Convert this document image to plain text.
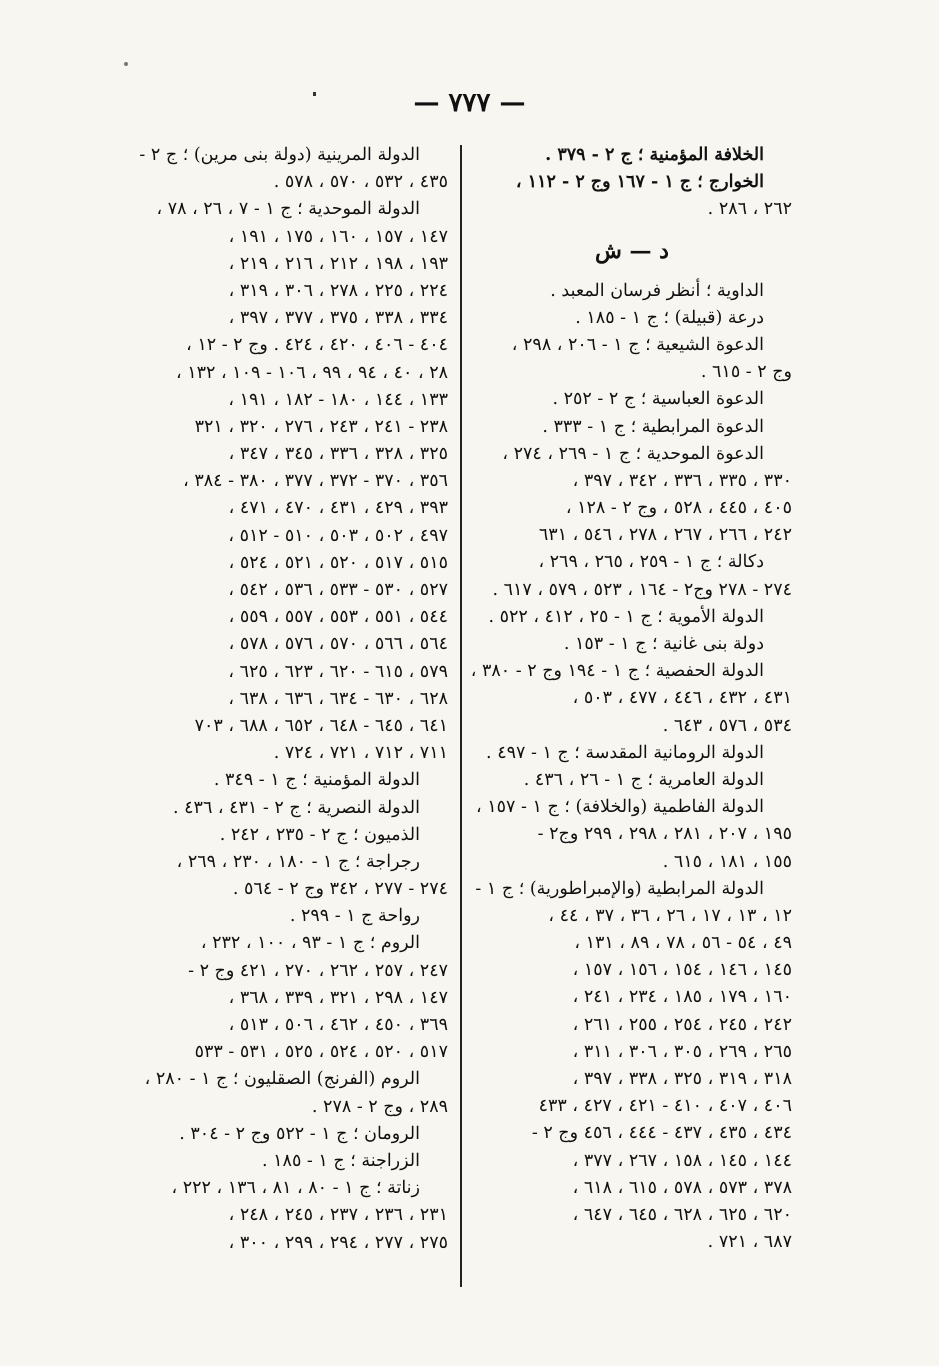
— ٧٧٧ —
الخلافة المؤمنية ؛ ج ٢ - ٣٧٩ .
الخوارج ؛ ج ١ - ١٦٧ وج ٢ - ١١٢ ،
٢٦٢ ، ٢٨٦ .
د — ش
الداوية ؛ أنظر فرسان المعبد .
درعة (قبيلة) ؛ ج ١ - ١٨٥ .
الدعوة الشيعية ؛ ج ١ - ٢٠٦ ، ٢٩٨ ،
وج ٢ - ٦١٥ .
الدعوة العباسية ؛ ج ٢ - ٢٥٢ .
الدعوة المرابطية ؛ ج ١ - ٣٣٣ .
الدعوة الموحدية ؛ ج ١ - ٢٦٩ ، ٢٧٤ ،
٣٣٠ ، ٣٣٥ ، ٣٣٦ ، ٣٤٢ ، ٣٩٧ ،
٤٠٥ ، ٤٤٥ ، ٥٢٨ ، وج ٢ - ١٢٨ ،
٢٤٢ ، ٢٦٦ ، ٢٦٧ ، ٢٧٨ ، ٥٤٦ ، ٦٣١
دكالة ؛ ج ١ - ٢٥٩ ، ٢٦٥ ، ٢٦٩ ،
٢٧٤ - ٢٧٨ وج٢ - ١٦٤ ، ٥٢٣ ، ٥٧٩ ، ٦١٧ .
الدولة الأموية ؛ ج ١ - ٢٥ ، ٤١٢ ، ٥٢٢ .
دولة بنى غانية ؛ ج ١ - ١٥٣ .
الدولة الحفصية ؛ ج ١ - ١٩٤ وج ٢ - ٣٨٠ ،
٤٣١ ، ٤٣٢ ، ٤٤٦ ، ٤٧٧ ، ٥٠٣ ،
٥٣٤ ، ٥٧٦ ، ٦٤٣ .
الدولة الرومانية المقدسة ؛ ج ١ - ٤٩٧ .
الدولة العامرية ؛ ج ١ - ٢٦ ، ٤٣٦ .
الدولة الفاطمية (والخلافة) ؛ ج ١ - ١٥٧ ،
١٩٥ ، ٢٠٧ ، ٢٨١ ، ٢٩٨ ، ٢٩٩ وج٢ -
١٥٥ ، ١٨١ ، ٦١٥ .
الدولة المرابطية (والإمبراطورية) ؛ ج ١ -
١٢ ، ١٣ ، ١٧ ، ٢٦ ، ٣٦ ، ٣٧ ، ٤٤ ،
٤٩ ، ٥٤ - ٥٦ ، ٧٨ ، ٨٩ ، ١٣١ ،
١٤٥ ، ١٤٦ ، ١٥٤ ، ١٥٦ ، ١٥٧ ،
١٦٠ ، ١٧٩ ، ١٨٥ ، ٢٣٤ ، ٢٤١ ،
٢٤٢ ، ٢٤٥ ، ٢٥٤ ، ٢٥٥ ، ٢٦١ ،
٢٦٥ ، ٢٦٩ ، ٣٠٥ ، ٣٠٦ ، ٣١١ ،
٣١٨ ، ٣١٩ ، ٣٢٥ ، ٣٣٨ ، ٣٩٧ ،
٤٠٦ ، ٤٠٧ ، ٤١٠ - ٤٢١ ، ٤٢٧ ، ٤٣٣
٤٣٤ ، ٤٣٥ ، ٤٣٧ - ٤٤٤ ، ٤٥٦ وج ٢ -
١٤٤ ، ١٤٥ ، ١٥٨ ، ٢٦٧ ، ٣٧٧ ،
٣٧٨ ، ٥٧٣ ، ٥٧٨ ، ٦١٥ ، ٦١٨ ،
٦٢٠ ، ٦٢٥ ، ٦٢٨ ، ٦٤٥ ، ٦٤٧ ،
٦٨٧ ، ٧٢١ .
الدولة المرينية (دولة بنى مرين) ؛ ج ٢ -
٤٣٥ ، ٥٣٢ ، ٥٧٠ ، ٥٧٨ .
الدولة الموحدية ؛ ج ١ - ٧ ، ٢٦ ، ٧٨ ،
١٤٧ ، ١٥٧ ، ١٦٠ ، ١٧٥ ، ١٩١ ،
١٩٣ ، ١٩٨ ، ٢١٢ ، ٢١٦ ، ٢١٩ ،
٢٢٤ ، ٢٢٥ ، ٢٧٨ ، ٣٠٦ ، ٣١٩ ،
٣٣٤ ، ٣٣٨ ، ٣٧٥ ، ٣٧٧ ، ٣٩٧ ،
٤٠٤ - ٤٠٦ ، ٤٢٠ ، ٤٢٤ . وج ٢ - ١٢ ،
٢٨ ، ٤٠ ، ٩٤ ، ٩٩ ، ١٠٦ - ١٠٩ ، ١٣٢ ،
١٣٣ ، ١٤٤ ، ١٨٠ - ١٨٢ ، ١٩١ ،
٢٣٨ - ٢٤١ ، ٢٤٣ ، ٢٧٦ ، ٣٢٠ ، ٣٢١
٣٢٥ ، ٣٢٨ ، ٣٣٦ ، ٣٤٥ ، ٣٤٧ ،
٣٥٦ ، ٣٧٠ - ٣٧٢ ، ٣٧٧ ، ٣٨٠ - ٣٨٤ ،
٣٩٣ ، ٤٢٩ ، ٤٣١ ، ٤٧٠ ، ٤٧١ ،
٤٩٧ ، ٥٠٢ ، ٥٠٣ ، ٥١٠ - ٥١٢ ،
٥١٥ ، ٥١٧ ، ٥٢٠ ، ٥٢١ ، ٥٢٤ ،
٥٢٧ ، ٥٣٠ - ٥٣٣ ، ٥٣٦ ، ٥٤٢ ،
٥٤٤ ، ٥٥١ ، ٥٥٣ ، ٥٥٧ ، ٥٥٩ ،
٥٦٤ ، ٥٦٦ ، ٥٧٠ ، ٥٧٦ ، ٥٧٨ ،
٥٧٩ ، ٦١٥ - ٦٢٠ ، ٦٢٣ ، ٦٢٥ ،
٦٢٨ ، ٦٣٠ - ٦٣٤ ، ٦٣٦ ، ٦٣٨ ،
٦٤١ ، ٦٤٥ - ٦٤٨ ، ٦٥٢ ، ٦٨٨ ، ٧٠٣
٧١١ ، ٧١٢ ، ٧٢١ ، ٧٢٤ .
الدولة المؤمنية ؛ ج ١ - ٣٤٩ .
الدولة النصرية ؛ ج ٢ - ٤٣١ ، ٤٣٦ .
الذميون ؛ ج ٢ - ٢٣٥ ، ٢٤٢ .
رجراجة ؛ ج ١ - ١٨٠ ، ٢٣٠ ، ٢٦٩ ،
٢٧٤ - ٢٧٧ ، ٣٤٢ وج ٢ - ٥٦٤ .
رواحة ج ١ - ٢٩٩ .
الروم ؛ ج ١ - ٩٣ ، ١٠٠ ، ٢٣٢ ،
٢٤٧ ، ٢٥٧ ، ٢٦٢ ، ٢٧٠ ، ٤٢١ وج ٢ -
١٤٧ ، ٢٩٨ ، ٣٢١ ، ٣٣٩ ، ٣٦٨ ،
٣٦٩ ، ٤٥٠ ، ٤٦٢ ، ٥٠٦ ، ٥١٣ ،
٥١٧ ، ٥٢٠ ، ٥٢٤ ، ٥٢٥ ، ٥٣١ - ٥٣٣
الروم (الفرنج) الصقليون ؛ ج ١ - ٢٨٠ ،
٢٨٩ ، وج ٢ - ٢٧٨ .
الرومان ؛ ج ١ - ٥٢٢ وج ٢ - ٣٠٤ .
الزراجنة ؛ ج ١ - ١٨٥ .
زناتة ؛ ج ١ - ٨٠ ، ٨١ ، ١٣٦ ، ٢٢٢ ،
٢٣١ ، ٢٣٦ ، ٢٣٧ ، ٢٤٥ ، ٢٤٨ ،
٢٧٥ ، ٢٧٧ ، ٢٩٤ ، ٢٩٩ ، ٣٠٠ ،
